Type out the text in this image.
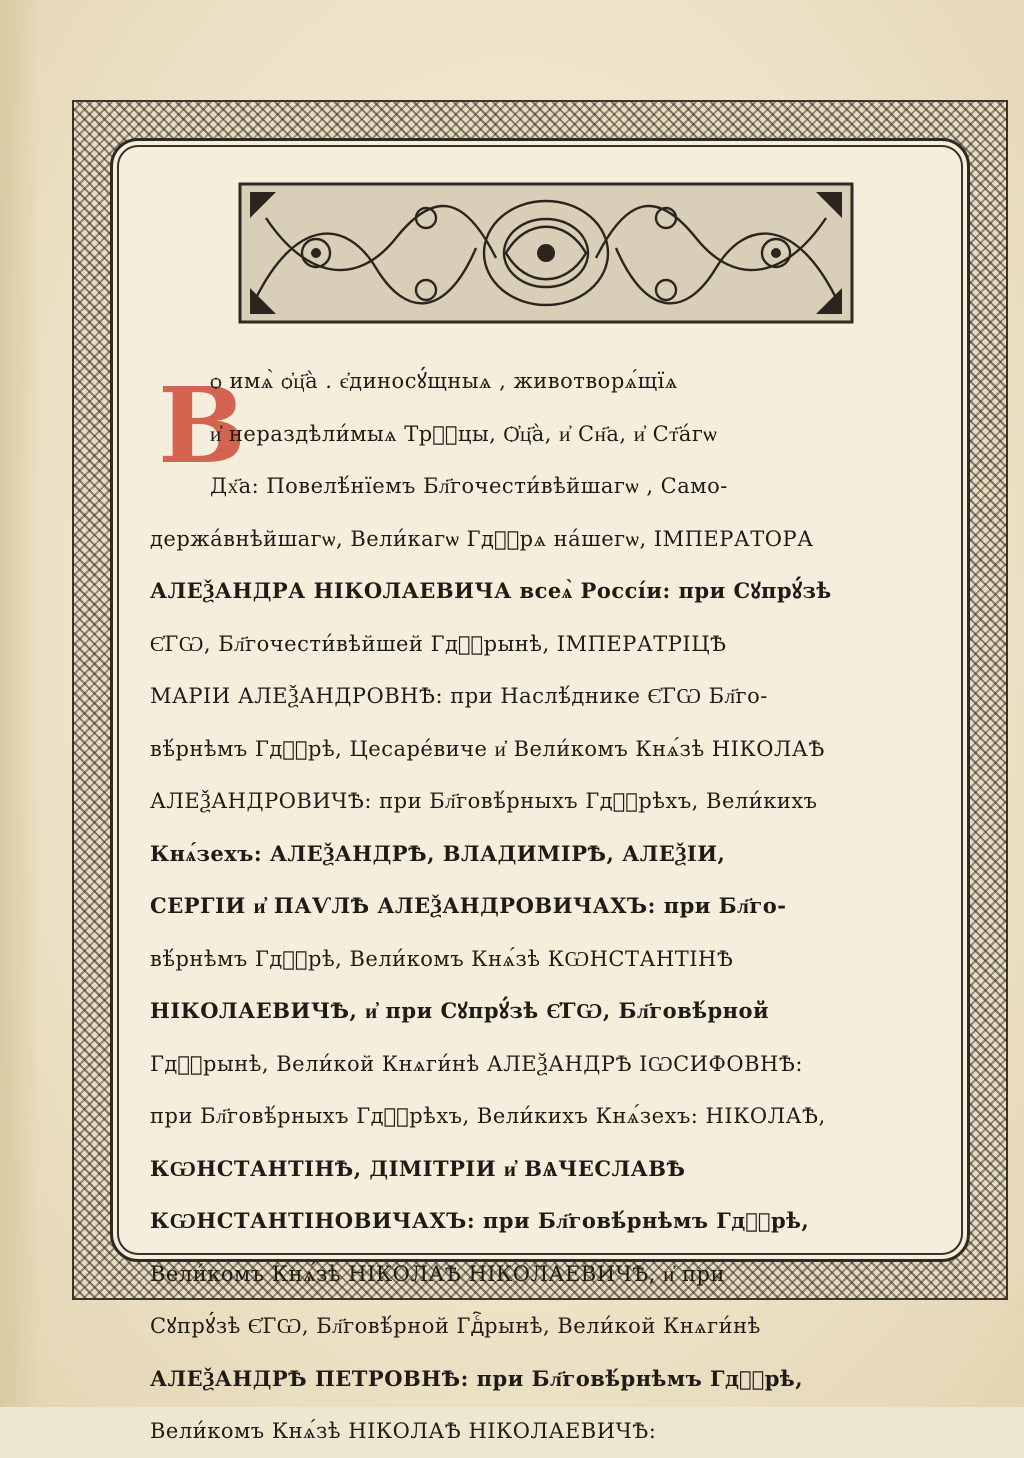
В
ѻ имѧ̀ ѻ҆ц҃а̀ . є҆диносꙋ́щныѧ , животворѧ́щїѧ
и҆ нераздѣли́мыѧ Трⷪ҇цы, Ѻ҆ц҃а̀, и҆ Сн҃а, и҆ Ст҃а́гѡ
Дх҃а: Повелѣ́нїемъ Бл҃гочести́вѣйшагѡ , Само-
держа́внѣйшагѡ, Вели́кагѡ Гдⷭ҇рѧ на́шегѡ, ІМПЕРАТОРА
АЛЕѮАНДРА НІКОЛАЕВИЧА всеѧ̀ Россі́и: при Сꙋпрꙋ́зѣ
Є҆ГѠ, Бл҃гочести́вѣйшей Гдⷭ҇рынѣ, ІМПЕРАТРІЦѢ
МАРІИ АЛЕѮАНДРОВНѢ: при Наслѣ́днике Є҆ГѠ Бл҃го-
вѣ́рнѣмъ Гдⷭ҇рѣ, Цесаре́виче и҆ Вели́комъ Кнѧ́зѣ НІКОЛАѢ
АЛЕѮАНДРОВИЧѢ: при Бл҃говѣ́рныхъ Гдⷭ҇рѣхъ, Вели́кихъ
Кнѧ́зехъ: АЛЕѮАНДРѢ, ВЛАДИМІРѢ, АЛЕѮІИ,
СЕРГІИ и҆ ПАѴЛѢ АЛЕѮАНДРОВИЧАХЪ: при Бл҃го-
вѣ́рнѣмъ Гдⷭ҇рѣ, Вели́комъ Кнѧ́зѣ КѠНСТАНТІНѢ
НІКОЛАЕВИЧѢ, и҆ при Сꙋпрꙋ́зѣ Є҆ГѠ, Бл҃говѣ́рной
Гдⷭ҇рынѣ, Вели́кой Кнѧги́нѣ АЛЕѮАНДРѢ ІѠСИФОВНѢ:
при Бл҃говѣ́рныхъ Гдⷭ҇рѣхъ, Вели́кихъ Кнѧ́зехъ: НІКОЛАѢ,
КѠНСТАНТІНѢ, ДІМІТРІИ и҆ ВѦЧЕСЛАВѢ
КѠНСТАНТІНОВИЧАХЪ: при Бл҃говѣ́рнѣмъ Гдⷭ҇рѣ,
Вели́комъ Кнѧ́зѣ НІКОЛАѢ НІКОЛАЕВИЧѢ, и҆ при
Сꙋпрꙋ́зѣ Є҆ГѠ, Бл҃говѣ́рной Гдⷭ҇рынѣ, Вели́кой Кнѧги́нѣ
АЛЕѮАНДРѢ ПЕТРОВНѢ: при Бл҃говѣ́рнѣмъ Гдⷭ҇рѣ,
Вели́комъ Кнѧ́зѣ НІКОЛАѢ НІКОЛАЕВИЧѢ:
